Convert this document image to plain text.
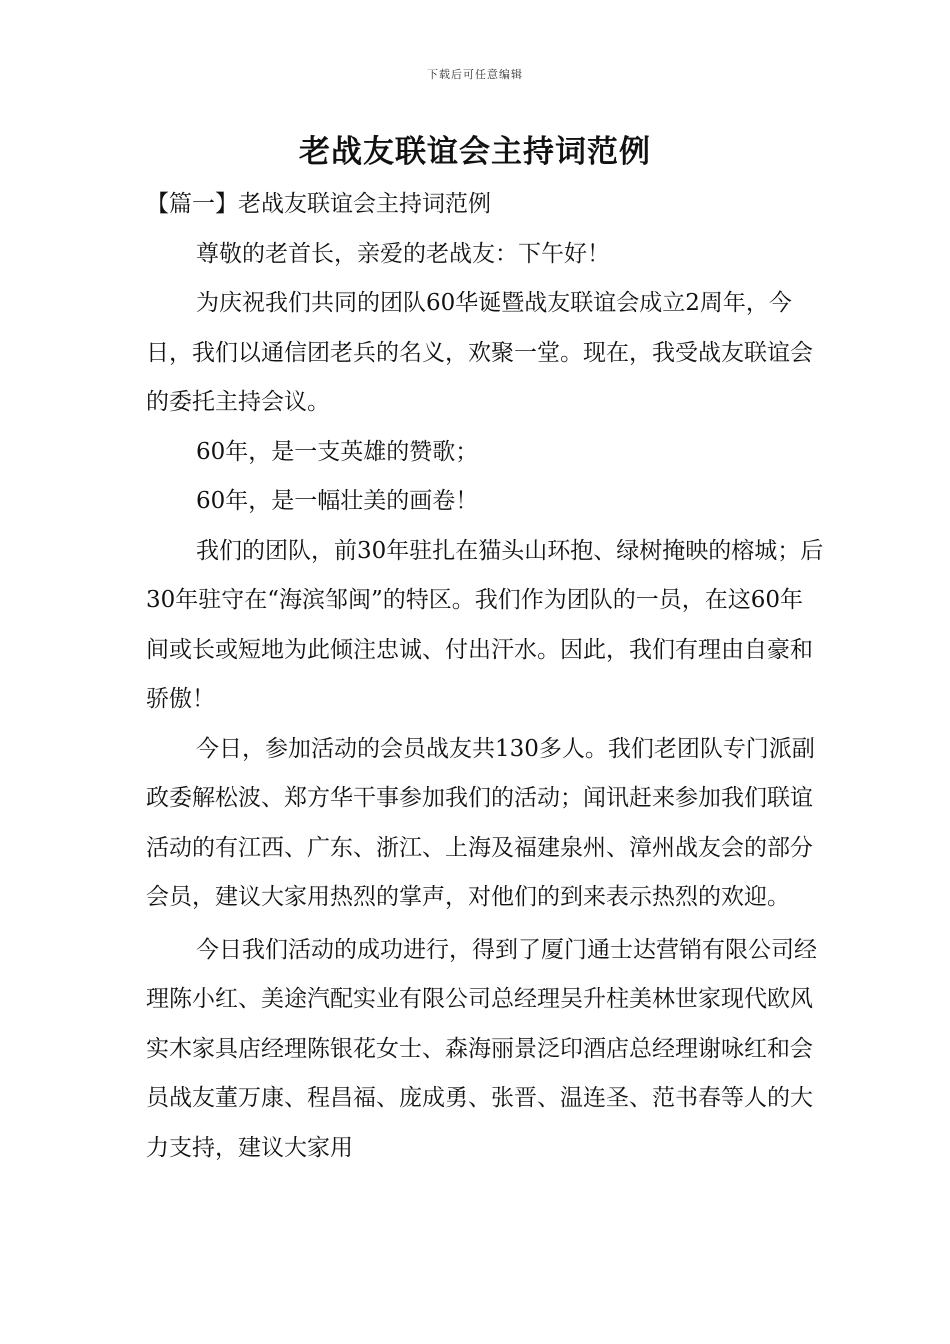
下载后可任意编辑
老战友联谊会主持词范例

【篇一】老战友联谊会主持词范例

尊敬的老首长，亲爱的老战友：下午好！

为庆祝我们共同的团队60华诞暨战友联谊会成立2周年，今日，我们以通信团老兵的名义，欢聚一堂。现在，我受战友联谊会的委托主持会议。

60年，是一支英雄的赞歌；

60年，是一幅壮美的画卷！

我们的团队，前30年驻扎在猫头山环抱、绿树掩映的榕城；后30年驻守在“海滨邹闽”的特区。我们作为团队的一员，在这60年间或长或短地为此倾注忠诚、付出汗水。因此，我们有理由自豪和骄傲！

今日，参加活动的会员战友共130多人。我们老团队专门派副政委解松波、郑方华干事参加我们的活动；闻讯赶来参加我们联谊活动的有江西、广东、浙江、上海及福建泉州、漳州战友会的部分会员，建议大家用热烈的掌声，对他们的到来表示热烈的欢迎。

今日我们活动的成功进行，得到了厦门通士达营销有限公司经理陈小红、美途汽配实业有限公司总经理吴升柱美林世家现代欧风实木家具店经理陈银花女士、森海丽景泛印酒店总经理谢咏红和会员战友董万康、程昌福、庞成勇、张晋、温连圣、范书春等人的大力支持，建议大家用
